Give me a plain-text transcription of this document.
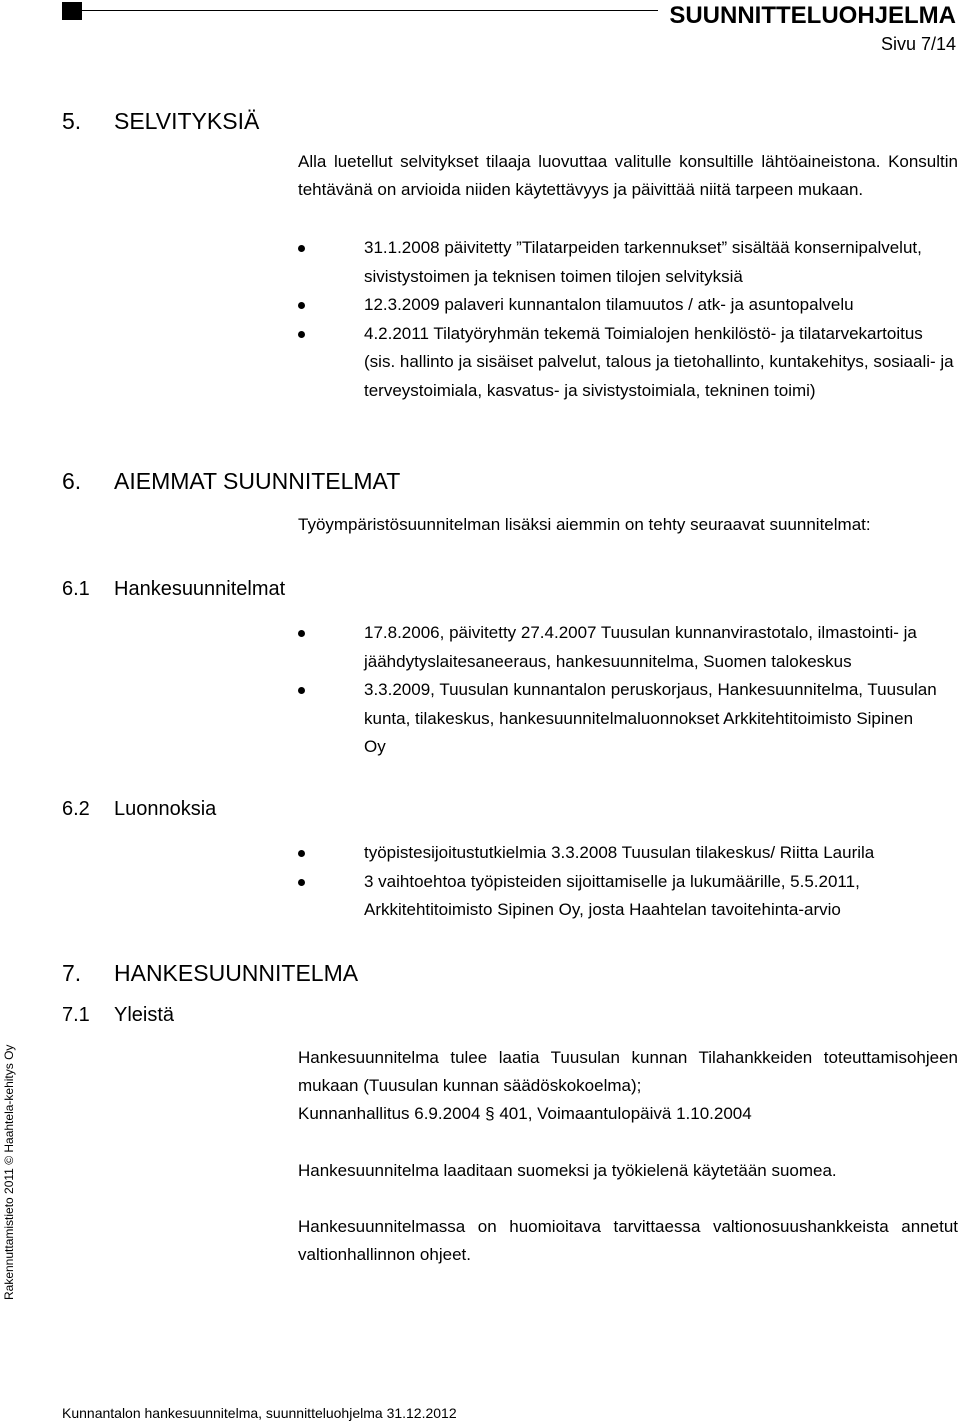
SUUNNITTELUOHJELMA
Sivu 7/14
5. SELVITYKSIÄ
Alla luetellut selvitykset tilaaja luovuttaa valitulle konsultille lähtöaineistona. Konsultin tehtävänä on arvioida niiden käytettävyys ja päivittää niitä tarpeen mukaan.
31.1.2008 päivitetty ”Tilatarpeiden tarkennukset” sisältää konsernipalvelut, sivistystoimen ja teknisen toimen tilojen selvityksiä
12.3.2009 palaveri kunnantalon tilamuutos / atk- ja asuntopalvelu
4.2.2011 Tilatyöryhmän tekemä Toimialojen henkilöstö- ja tilatarvekartoitus (sis. hallinto ja sisäiset palvelut, talous ja tietohallinto, kuntakehitys, sosiaali- ja terveystoimiala, kasvatus- ja sivistystoimiala, tekninen toimi)
6. AIEMMAT SUUNNITELMAT
Työympäristösuunnitelman lisäksi aiemmin on tehty seuraavat suunnitelmat:
6.1 Hankesuunnitelmat
17.8.2006, päivitetty 27.4.2007 Tuusulan kunnanvirastotalo, ilmastointi- ja jäähdytyslaitesaneeraus, hankesuunnitelma, Suomen talokeskus
3.3.2009, Tuusulan kunnantalon peruskorjaus, Hankesuunnitelma, Tuusulan kunta, tilakeskus, hankesuunnitelmaluonnokset Arkkitehtitoimisto Sipinen Oy
6.2 Luonnoksia
työpistesijoitustutkielmia 3.3.2008 Tuusulan tilakeskus/ Riitta Laurila
3 vaihtoehtoa työpisteiden sijoittamiselle ja lukumäärille, 5.5.2011, Arkkitehtitoimisto Sipinen Oy, josta Haahtelan tavoitehinta-arvio
7. HANKESUUNNITELMA
7.1 Yleistä
Hankesuunnitelma tulee laatia Tuusulan kunnan Tilahankkeiden toteuttamisohjeen mukaan (Tuusulan kunnan säädöskokoelma);
Kunnanhallitus 6.9.2004 § 401, Voimaantulopäivä 1.10.2004
Hankesuunnitelma laaditaan suomeksi ja työkielenä käytetään suomea.
Hankesuunnitelmassa on huomioitava tarvittaessa valtionosuushankkeista annetut valtionhallinnon ohjeet.
Rakennuttamistieto 2011 © Haahtela-kehitys Oy
Kunnantalon hankesuunnitelma, suunnitteluohjelma 31.12.2012
